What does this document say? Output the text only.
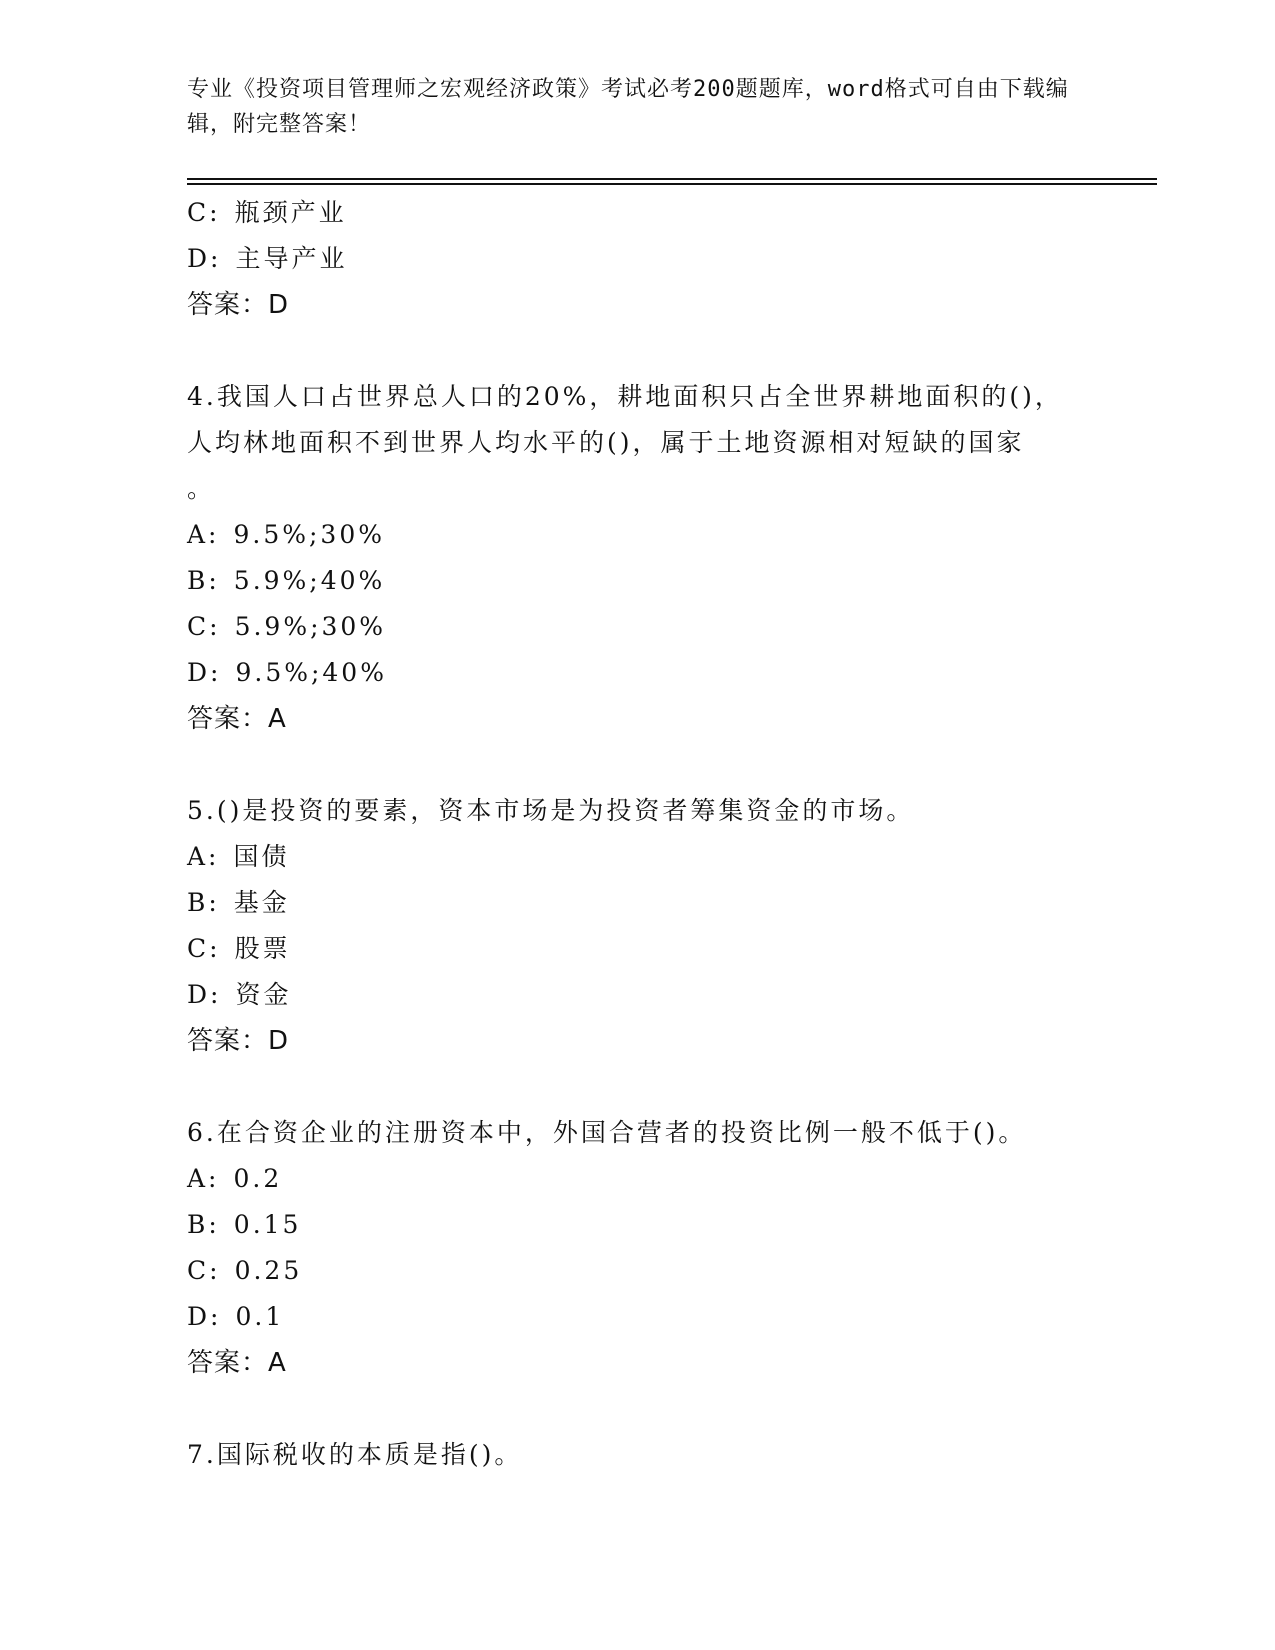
专业《投资项目管理师之宏观经济政策》考试必考200题题库，word格式可自由下载编辑，附完整答案！
C: 瓶颈产业
D: 主导产业
答案：D
4.我国人口占世界总人口的20%，耕地面积只占全世界耕地面积的()，
人均林地面积不到世界人均水平的()，属于土地资源相对短缺的国家
。
A: 9.5%;30%
B: 5.9%;40%
C: 5.9%;30%
D: 9.5%;40%
答案：A
5.()是投资的要素，资本市场是为投资者筹集资金的市场。
A: 国债
B: 基金
C: 股票
D: 资金
答案：D
6.在合资企业的注册资本中，外国合营者的投资比例一般不低于()。
A: 0.2
B: 0.15
C: 0.25
D: 0.1
答案：A
7.国际税收的本质是指()。
